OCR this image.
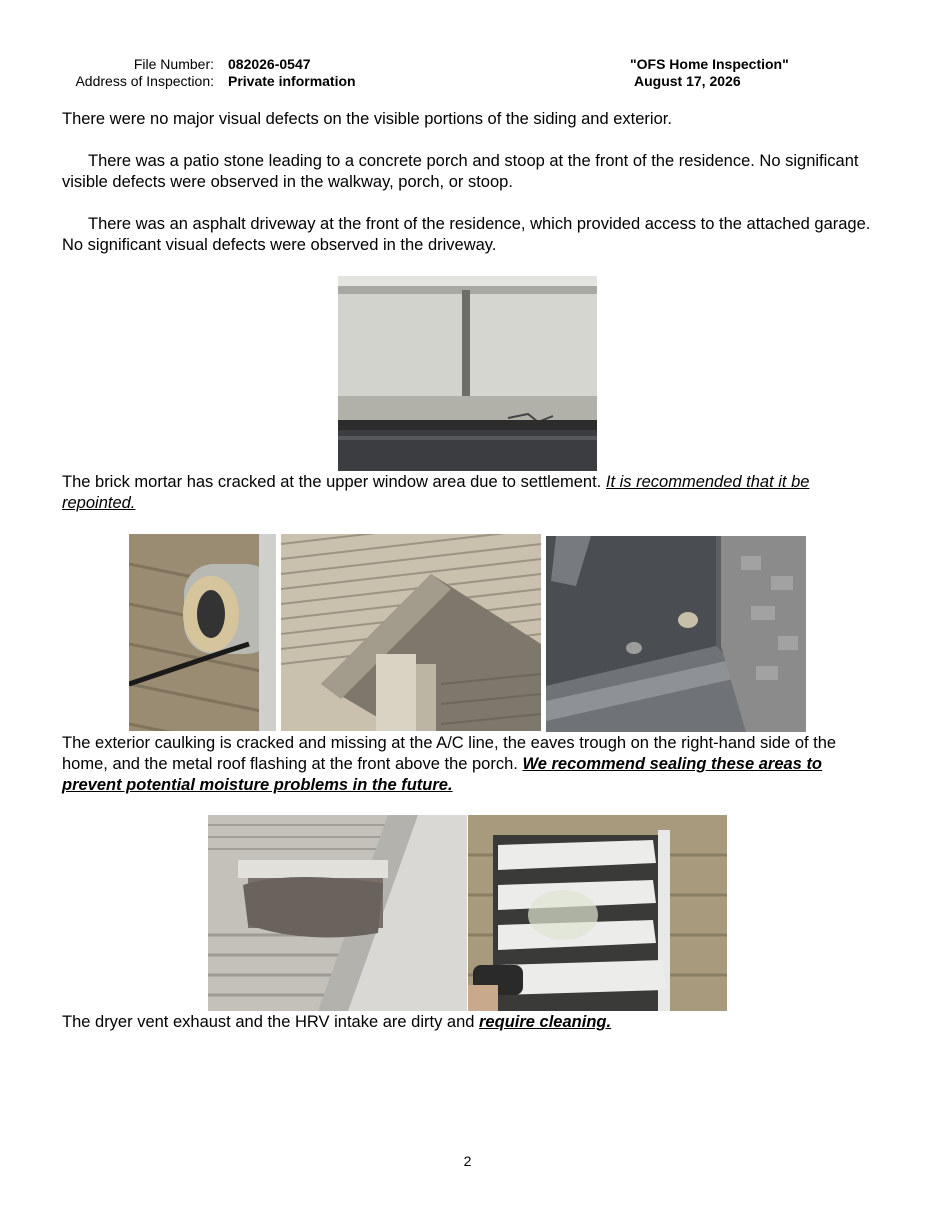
File Number: 082026-0547
Address of Inspection: Private information
"OFS Home Inspection"
August 17, 2026
There were no major visual defects on the visible portions of the siding and exterior.
There was a patio stone leading to a concrete porch and stoop at the front of the residence. No significant visible defects were observed in the walkway, porch, or stoop.
There was an asphalt driveway at the front of the residence, which provided access to the attached garage. No significant visual defects were observed in the driveway.
The brick mortar has cracked at the upper window area due to settlement. It is recommended that it be repointed.
The exterior caulking is cracked and missing at the A/C line, the eaves trough on the right-hand side of the home, and the metal roof flashing at the front above the porch. We recommend sealing these areas to prevent potential moisture problems in the future.
The dryer vent exhaust and the HRV intake are dirty and require cleaning.
2
